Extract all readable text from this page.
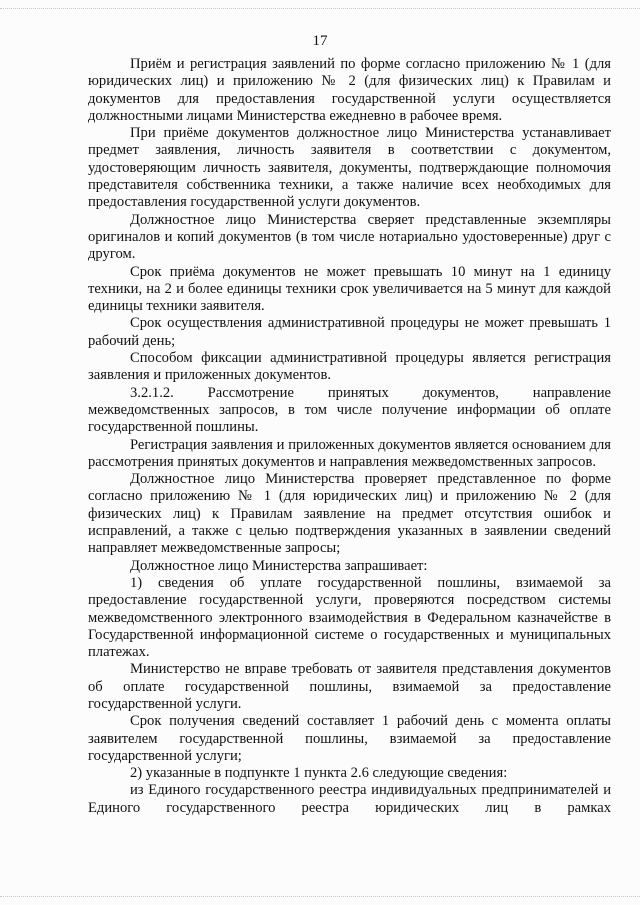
17

Приём и регистрация заявлений по форме согласно приложению № 1 (для юридических лиц) и приложению № 2 (для физических лиц) к Правилам и документов для предоставления государственной услуги осуществляется должностными лицами Министерства ежедневно в рабочее время.

При приёме документов должностное лицо Министерства устанавливает предмет заявления, личность заявителя в соответствии с документом, удостоверяющим личность заявителя, документы, подтверждающие полномочия представителя собственника техники, а также наличие всех необходимых для предоставления государственной услуги документов.

Должностное лицо Министерства сверяет представленные экземпляры оригиналов и копий документов (в том числе нотариально удостоверенные) друг с другом.

Срок приёма документов не может превышать 10 минут на 1 единицу техники, на 2 и более единицы техники срок увеличивается на 5 минут для каждой единицы техники заявителя.

Срок осуществления административной процедуры не может превышать 1 рабочий день;

Способом фиксации административной процедуры является регистрация заявления и приложенных документов.

3.2.1.2. Рассмотрение принятых документов, направление межведомственных запросов, в том числе получение информации об оплате государственной пошлины.

Регистрация заявления и приложенных документов является основанием для рассмотрения принятых документов и направления межведомственных запросов.

Должностное лицо Министерства проверяет представленное по форме согласно приложению № 1 (для юридических лиц) и приложению № 2 (для физических лиц) к Правилам заявление на предмет отсутствия ошибок и исправлений, а также с целью подтверждения указанных в заявлении сведений направляет межведомственные запросы;

Должностное лицо Министерства запрашивает:

1) сведения об уплате государственной пошлины, взимаемой за предоставление государственной услуги, проверяются посредством системы межведомственного электронного взаимодействия в Федеральном казначействе в Государственной информационной системе о государственных и муниципальных платежах.

Министерство не вправе требовать от заявителя представления документов об оплате государственной пошлины, взимаемой за предоставление государственной услуги.

Срок получения сведений составляет 1 рабочий день с момента оплаты заявителем государственной пошлины, взимаемой за предоставление государственной услуги;

2) указанные в подпункте 1 пункта 2.6 следующие сведения:

из Единого государственного реестра индивидуальных предпринимателей и Единого государственного реестра юридических лиц в рамках
